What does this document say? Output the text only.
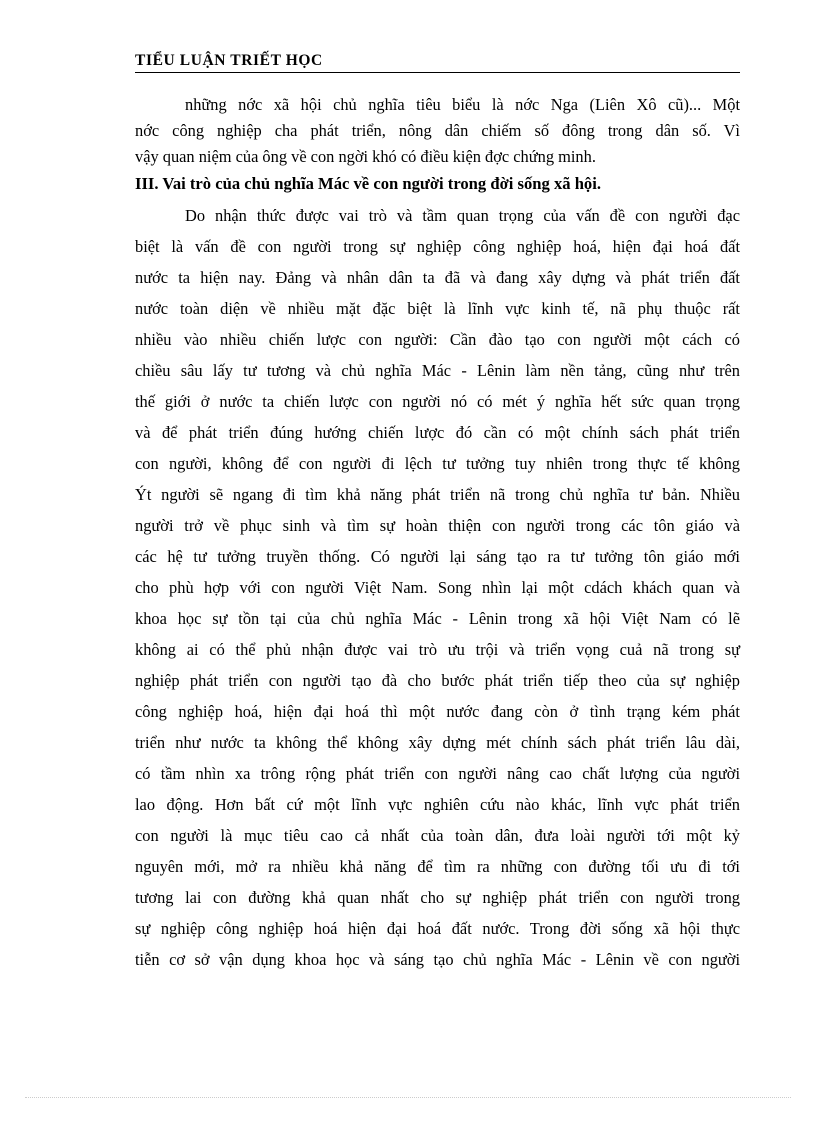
TIỂU LUẬN TRIẾT HỌC
những nớc xã hội chủ nghĩa tiêu biểu là nớc Nga (Liên Xô cũ)... Một
nớc công nghiệp cha phát triển, nông dân chiếm số đông trong dân số. Vì
vậy quan niệm của ông về con ngời khó có điều kiện đợc chứng minh.
III. Vai trò của chủ nghĩa Mác về con người trong đời sống xã hội.
Do nhận thức được vai trò và tầm quan trọng của vấn đề con người đạc
biệt là vấn đề con người trong sự nghiệp công nghiệp hoá, hiện đại hoá đất
nước ta hiện nay. Đảng và nhân dân ta đã và đang xây dựng và phát triển đất
nước toàn diện về nhiều mặt đặc biệt là lĩnh vực kinh tế, nã phụ thuộc rất
nhiều vào nhiều chiến lược con người: Cần đào tạo con người một cách có
chiều sâu lấy tư tương và chủ nghĩa Mác - Lênin làm nền tảng, cũng như trên
thế giới ở nước ta chiến lược con người nó có mét ý nghĩa hết sức quan trọng
và để phát triển đúng hướng chiến lược đó cần có một chính sách phát triển
con người, không để con người đi lệch tư tưởng tuy nhiên trong thực tế không
Ýt người sẽ ngang đi tìm khả năng phát triển nã trong chủ nghĩa tư bản. Nhiều
người trở về phục sinh và tìm sự hoàn thiện con người trong các tôn giáo và
các hệ tư tưởng truyền thống. Có người lại sáng tạo ra tư tưởng tôn giáo mới
cho phù hợp với con người Việt Nam. Song nhìn lại một cdách khách quan và
khoa học sự tồn tại của chủ nghĩa Mác - Lênin trong xã hội Việt Nam có lẽ
không ai có thể phủ nhận được vai trò ưu trội và triển vọng cuả nã trong sự
nghiệp phát triển con người tạo đà cho bước phát triển tiếp theo của sự nghiệp
công nghiệp hoá, hiện đại hoá thì một nước đang còn ở tình trạng kém phát
triển như nước ta không thể không xây dựng mét chính sách phát triển lâu dài,
có tầm nhìn xa trông rộng phát triển con người nâng cao chất lượng của người
lao động. Hơn bất cứ một lĩnh vực nghiên cứu nào khác, lĩnh vực phát triển
con người là mục tiêu cao cả nhất của toàn dân, đưa loài người tới một kỷ
nguyên mới, mở ra nhiều khả năng để tìm ra những con đường tối ưu đi tới
tương lai con đường khả quan nhất cho sự nghiệp phát triển con người trong
sự nghiệp công nghiệp hoá hiện đại hoá đất nước. Trong đời sống xã hội thực
tiễn cơ sở vận dụng khoa học và sáng tạo chủ nghĩa Mác - Lênin về con người
